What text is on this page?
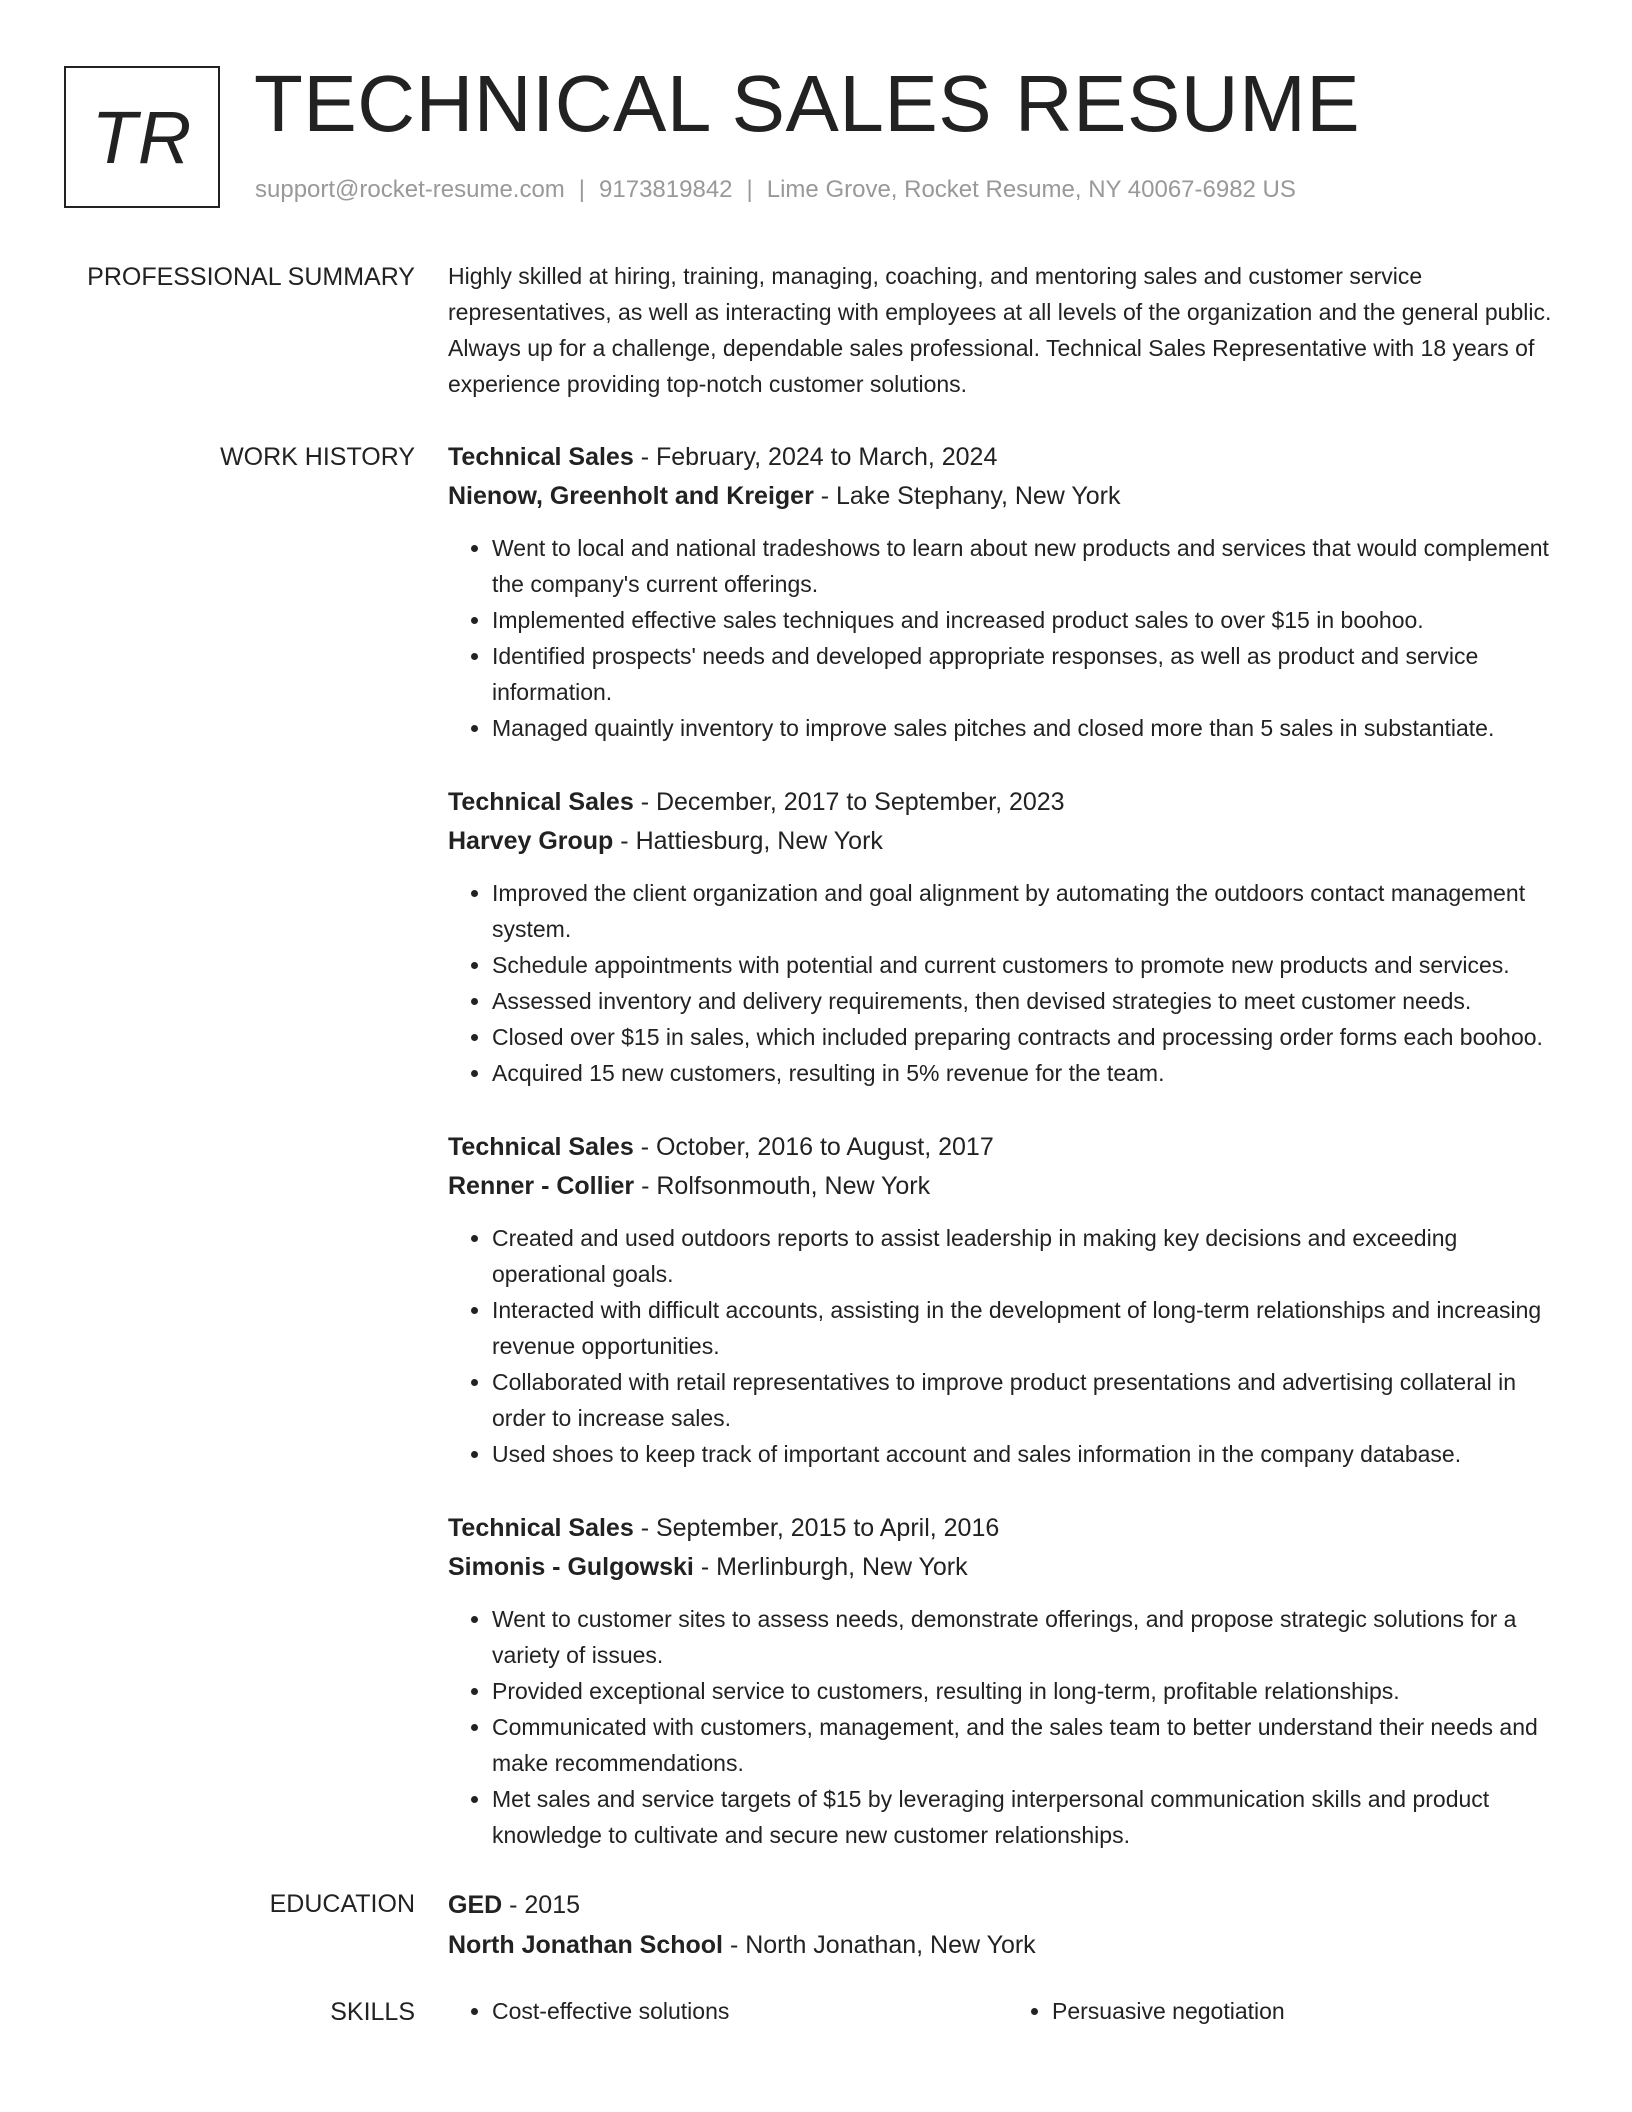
TR TECHNICAL SALES RESUME
support@rocket-resume.com | 9173819842 | Lime Grove, Rocket Resume, NY 40067-6982 US
PROFESSIONAL SUMMARY Highly skilled at hiring, training, managing, coaching, and mentoring sales and customer service representatives, as well as interacting with employees at all levels of the organization and the general public. Always up for a challenge, dependable sales professional. Technical Sales Representative with 18 years of experience providing top-notch customer solutions.

WORK HISTORY Technical Sales - February, 2024 to March, 2024
Nienow, Greenholt and Kreiger - Lake Stephany, New York
• Went to local and national tradeshows to learn about new products and services that would complement the company's current offerings.
• Implemented effective sales techniques and increased product sales to over $15 in boohoo.
• Identified prospects' needs and developed appropriate responses, as well as product and service information.
• Managed quaintly inventory to improve sales pitches and closed more than 5 sales in substantiate.
Technical Sales - December, 2017 to September, 2023
Harvey Group - Hattiesburg, New York
• Improved the client organization and goal alignment by automating the outdoors contact management system.
• Schedule appointments with potential and current customers to promote new products and services.
• Assessed inventory and delivery requirements, then devised strategies to meet customer needs.
• Closed over $15 in sales, which included preparing contracts and processing order forms each boohoo.
• Acquired 15 new customers, resulting in 5% revenue for the team.
Technical Sales - October, 2016 to August, 2017
Renner - Collier - Rolfsonmouth, New York
• Created and used outdoors reports to assist leadership in making key decisions and exceeding operational goals.
• Interacted with difficult accounts, assisting in the development of long-term relationships and increasing revenue opportunities.
• Collaborated with retail representatives to improve product presentations and advertising collateral in order to increase sales.
• Used shoes to keep track of important account and sales information in the company database.
Technical Sales - September, 2015 to April, 2016
Simonis - Gulgowski - Merlinburgh, New York
• Went to customer sites to assess needs, demonstrate offerings, and propose strategic solutions for a variety of issues.
• Provided exceptional service to customers, resulting in long-term, profitable relationships.
• Communicated with customers, management, and the sales team to better understand their needs and make recommendations.
• Met sales and service targets of $15 by leveraging interpersonal communication skills and product knowledge to cultivate and secure new customer relationships.
EDUCATION GED - 2015
North Jonathan School - North Jonathan, New York
SKILLS	• Cost-effective solutions	• Persuasive negotiation
